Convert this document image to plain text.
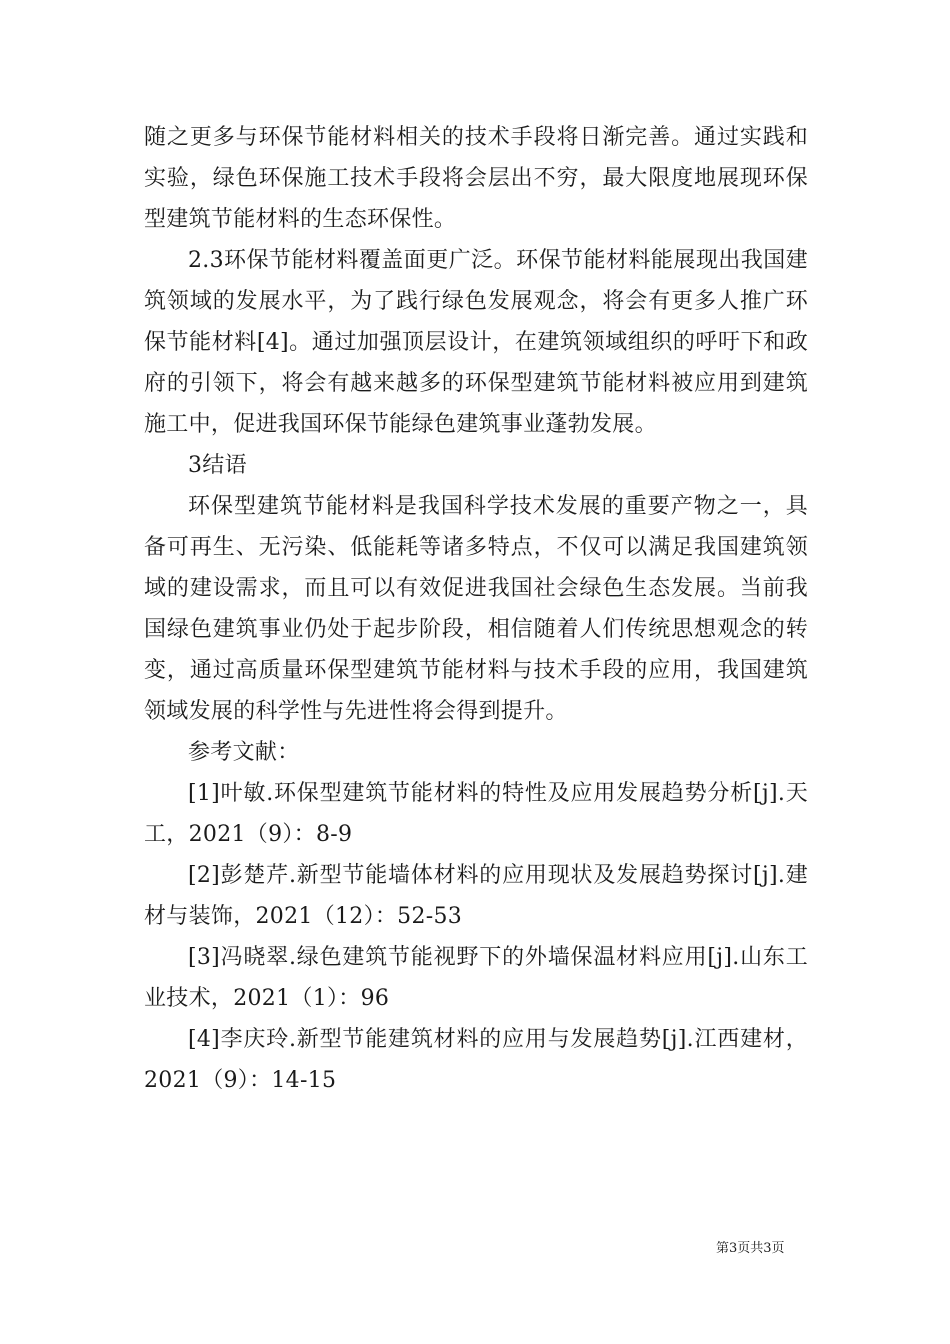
随之更多与环保节能材料相关的技术手段将日渐完善。通过实践和实验，绿色环保施工技术手段将会层出不穷，最大限度地展现环保型建筑节能材料的生态环保性。

2.3环保节能材料覆盖面更广泛。环保节能材料能展现出我国建筑领域的发展水平，为了践行绿色发展观念，将会有更多人推广环保节能材料[4]。通过加强顶层设计，在建筑领域组织的呼吁下和政府的引领下，将会有越来越多的环保型建筑节能材料被应用到建筑施工中，促进我国环保节能绿色建筑事业蓬勃发展。

3结语

环保型建筑节能材料是我国科学技术发展的重要产物之一，具备可再生、无污染、低能耗等诸多特点，不仅可以满足我国建筑领域的建设需求，而且可以有效促进我国社会绿色生态发展。当前我国绿色建筑事业仍处于起步阶段，相信随着人们传统思想观念的转变，通过高质量环保型建筑节能材料与技术手段的应用，我国建筑领域发展的科学性与先进性将会得到提升。

参考文献：

[1]叶敏.环保型建筑节能材料的特性及应用发展趋势分析[j].天工，2021（9）：8-9

[2]彭楚芹.新型节能墙体材料的应用现状及发展趋势探讨[j].建材与装饰，2021（12）：52-53

[3]冯晓翠.绿色建筑节能视野下的外墙保温材料应用[j].山东工业技术，2021（1）：96

[4]李庆玲.新型节能建筑材料的应用与发展趋势[j].江西建材，2021（9）：14-15

第3页共3页
